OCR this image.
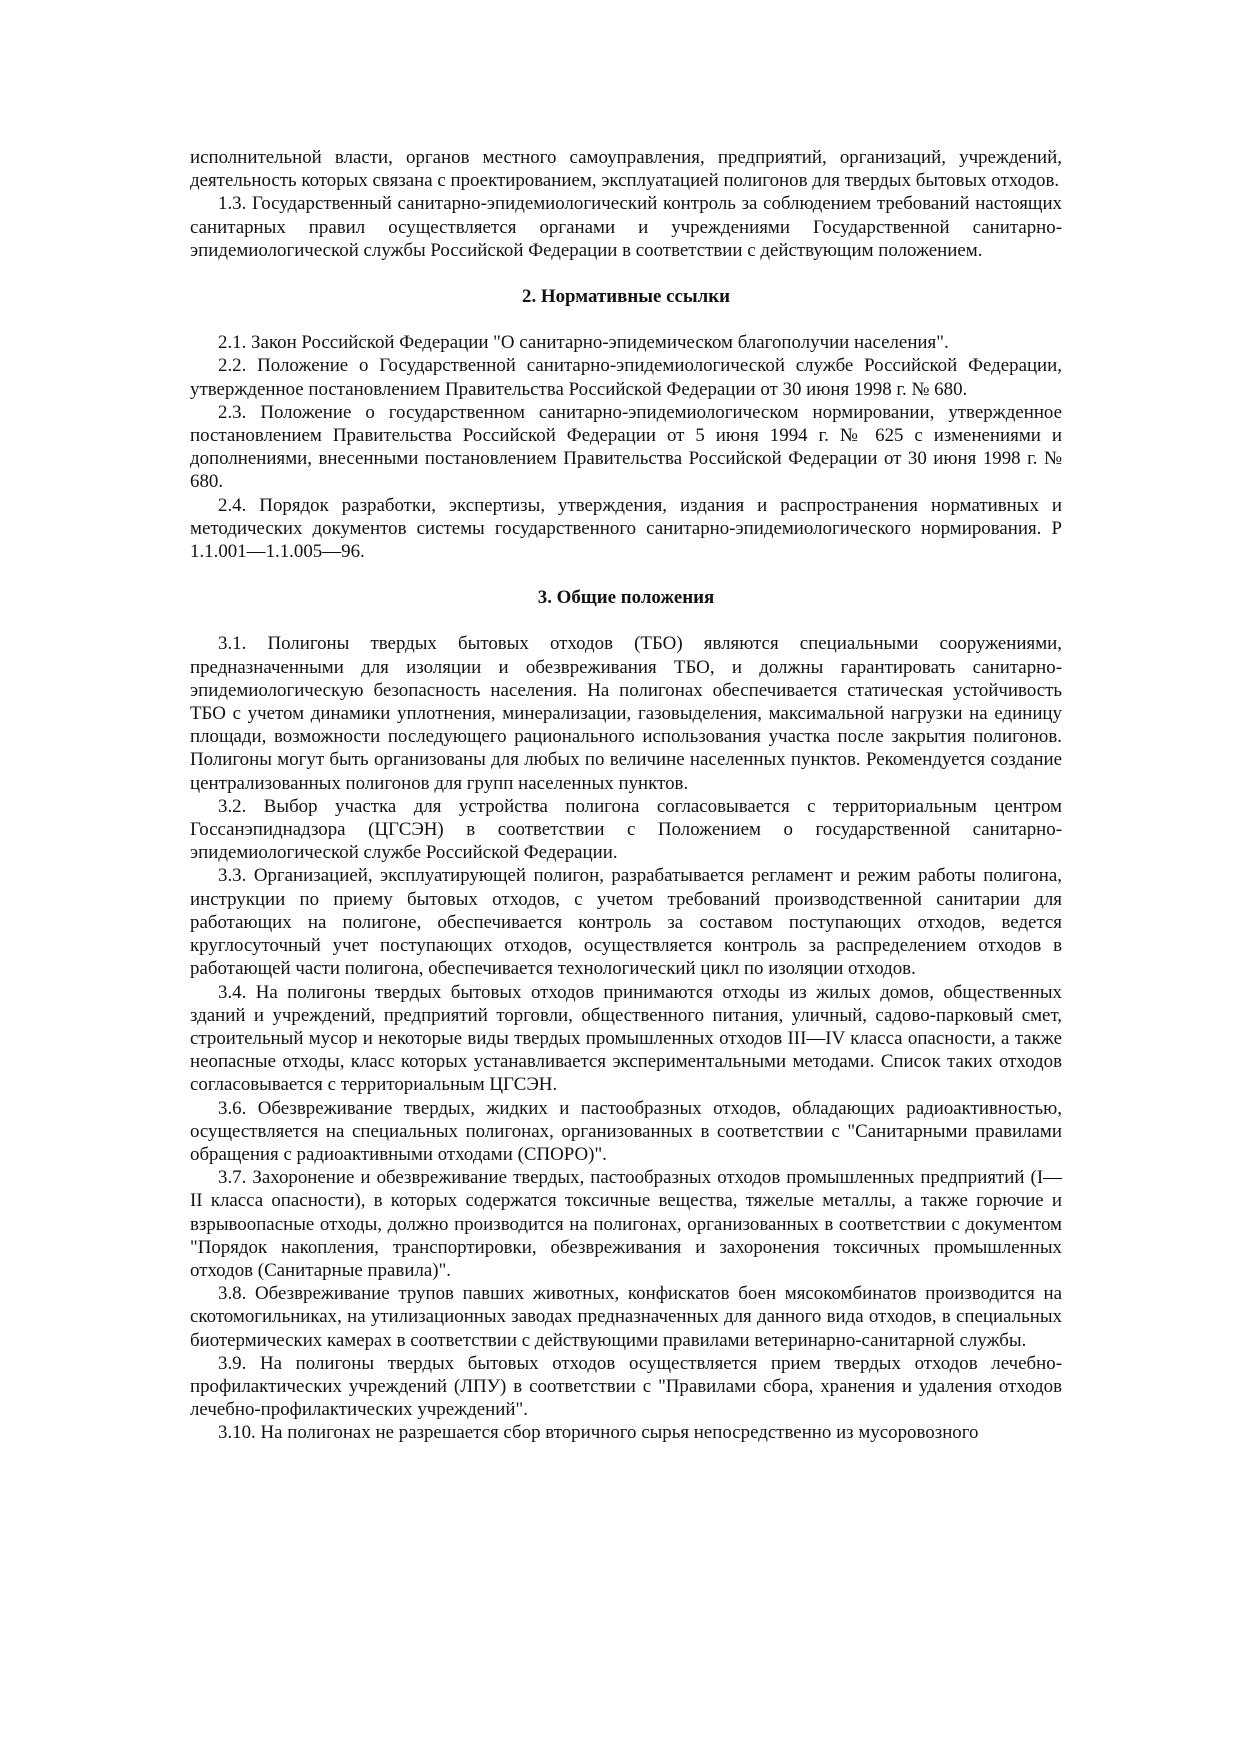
исполнительной власти, органов местного самоуправления, предприятий, организаций, учреждений, деятельность которых связана с проектированием, эксплуатацией полигонов для твердых бытовых отходов.

1.3. Государственный санитарно-эпидемиологический контроль за соблюдением требований настоящих санитарных правил осуществляется органами и учреждениями Государственной санитарно-эпидемиологической службы Российской Федерации в соответствии с действующим положением.

2. Нормативные ссылки

2.1. Закон Российской Федерации "О санитарно-эпидемическом благополучии населения".

2.2. Положение о Государственной санитарно-эпидемиологической службе Российской Федерации, утвержденное постановлением Правительства Российской Федерации от 30 июня 1998 г. № 680.

2.3. Положение о государственном санитарно-эпидемиологическом нормировании, утвержденное постановлением Правительства Российской Федерации от 5 июня 1994 г. № 625 с изменениями и дополнениями, внесенными постановлением Правительства Российской Федерации от 30 июня 1998 г. № 680.

2.4. Порядок разработки, экспертизы, утверждения, издания и распространения нормативных и методических документов системы государственного санитарно-эпидемиологического нормирования. Р 1.1.001—1.1.005—96.

3. Общие положения

3.1. Полигоны твердых бытовых отходов (ТБО) являются специальными сооружениями, предназначенными для изоляции и обезвреживания ТБО, и должны гарантировать санитарно-эпидемиологическую безопасность населения. На полигонах обеспечивается статическая устойчивость ТБО с учетом динамики уплотнения, минерализации, газовыделения, максимальной нагрузки на единицу площади, возможности последующего рационального использования участка после закрытия полигонов. Полигоны могут быть организованы для любых по величине населенных пунктов. Рекомендуется создание централизованных полигонов для групп населенных пунктов.

3.2. Выбор участка для устройства полигона согласовывается с территориальным центром Госсанэпиднадзора (ЦГСЭН) в соответствии с Положением о государственной санитарно-эпидемиологической службе Российской Федерации.

3.3. Организацией, эксплуатирующей полигон, разрабатывается регламент и режим работы полигона, инструкции по приему бытовых отходов, с учетом требований производственной санитарии для работающих на полигоне, обеспечивается контроль за составом поступающих отходов, ведется круглосуточный учет поступающих отходов, осуществляется контроль за распределением отходов в работающей части полигона, обеспечивается технологический цикл по изоляции отходов.

3.4. На полигоны твердых бытовых отходов принимаются отходы из жилых домов, общественных зданий и учреждений, предприятий торговли, общественного питания, уличный, садово-парковый смет, строительный мусор и некоторые виды твердых промышленных отходов III—IV класса опасности, а также неопасные отходы, класс которых устанавливается экспериментальными методами. Список таких отходов согласовывается с территориальным ЦГСЭН.

3.6. Обезвреживание твердых, жидких и пастообразных отходов, обладающих радиоактивностью, осуществляется на специальных полигонах, организованных в соответствии с "Санитарными правилами обращения с радиоактивными отходами (СПОРО)".

3.7. Захоронение и обезвреживание твердых, пастообразных отходов промышленных предприятий (I—II класса опасности), в которых содержатся токсичные вещества, тяжелые металлы, а также горючие и взрывоопасные отходы, должно производится на полигонах, организованных в соответствии с документом "Порядок накопления, транспортировки, обезвреживания и захоронения токсичных промышленных отходов (Санитарные правила)".

3.8. Обезвреживание трупов павших животных, конфискатов боен мясокомбинатов производится на скотомогильниках, на утилизационных заводах предназначенных для данного вида отходов, в специальных биотермических камерах в соответствии с действующими правилами ветеринарно-санитарной службы.

3.9. На полигоны твердых бытовых отходов осуществляется прием твердых отходов лечебно-профилактических учреждений (ЛПУ) в соответствии с "Правилами сбора, хранения и удаления отходов лечебно-профилактических учреждений".

3.10. На полигонах не разрешается сбор вторичного сырья непосредственно из мусоровозного
